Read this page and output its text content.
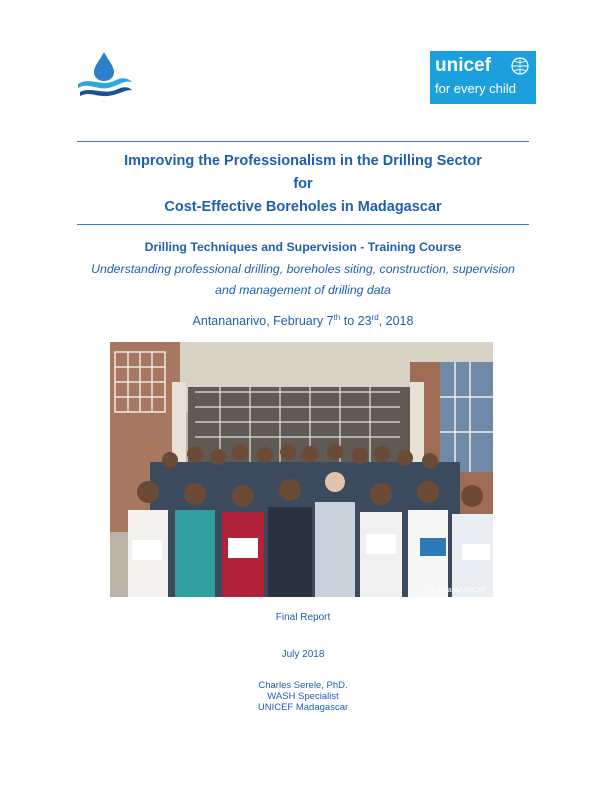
~
unicef
for every child
Improving the Professionalism in the Drilling Sector
for
Cost-Effective Boreholes in Madagascar
Drilling Techniques and Supervision - Training Course
Understanding professional drilling, boreholes siting, construction, supervision
and management of drilling data
Antananarivo, February 7th to 23rd, 2018
© Sitraka/UNICEF
Final Report
July 2018
Charles Serele, PhD.
WASH Specialist
UNICEF Madagascar
